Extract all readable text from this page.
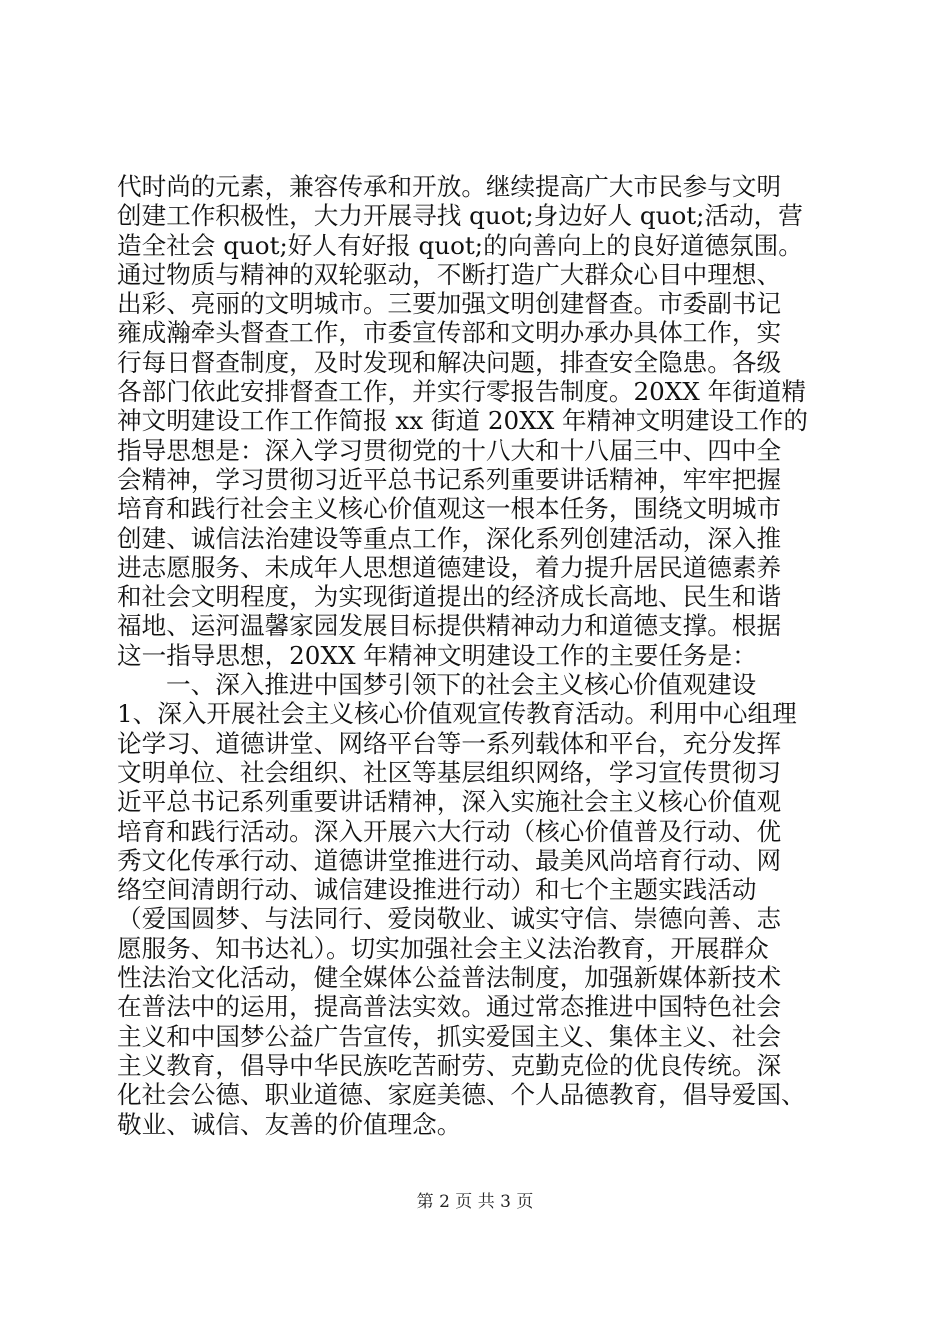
代时尚的元素，兼容传承和开放。继续提高广大市民参与文明
创建工作积极性，大力开展寻找 quot;身边好人 quot;活动，营
造全社会 quot;好人有好报 quot;的向善向上的良好道德氛围。
通过物质与精神的双轮驱动，不断打造广大群众心目中理想、
出彩、亮丽的文明城市。三要加强文明创建督查。市委副书记
雍成瀚牵头督查工作，市委宣传部和文明办承办具体工作，实
行每日督查制度，及时发现和解决问题，排查安全隐患。各级
各部门依此安排督查工作，并实行零报告制度。20XX 年街道精
神文明建设工作工作简报 xx 街道 20XX 年精神文明建设工作的
指导思想是：深入学习贯彻党的十八大和十八届三中、四中全
会精神，学习贯彻习近平总书记系列重要讲话精神，牢牢把握
培育和践行社会主义核心价值观这一根本任务，围绕文明城市
创建、诚信法治建设等重点工作，深化系列创建活动，深入推
进志愿服务、未成年人思想道德建设，着力提升居民道德素养
和社会文明程度，为实现街道提出的经济成长高地、民生和谐
福地、运河温馨家园发展目标提供精神动力和道德支撑。根据
这一指导思想，20XX 年精神文明建设工作的主要任务是：
一、深入推进中国梦引领下的社会主义核心价值观建设
1、深入开展社会主义核心价值观宣传教育活动。利用中心组理
论学习、道德讲堂、网络平台等一系列载体和平台，充分发挥
文明单位、社会组织、社区等基层组织网络，学习宣传贯彻习
近平总书记系列重要讲话精神，深入实施社会主义核心价值观
培育和践行活动。深入开展六大行动（核心价值普及行动、优
秀文化传承行动、道德讲堂推进行动、最美风尚培育行动、网
络空间清朗行动、诚信建设推进行动）和七个主题实践活动
（爱国圆梦、与法同行、爱岗敬业、诚实守信、崇德向善、志
愿服务、知书达礼）。切实加强社会主义法治教育，开展群众
性法治文化活动，健全媒体公益普法制度，加强新媒体新技术
在普法中的运用，提高普法实效。通过常态推进中国特色社会
主义和中国梦公益广告宣传，抓实爱国主义、集体主义、社会
主义教育，倡导中华民族吃苦耐劳、克勤克俭的优良传统。深
化社会公德、职业道德、家庭美德、个人品德教育，倡导爱国、
敬业、诚信、友善的价值理念。
第 2 页 共 3 页
